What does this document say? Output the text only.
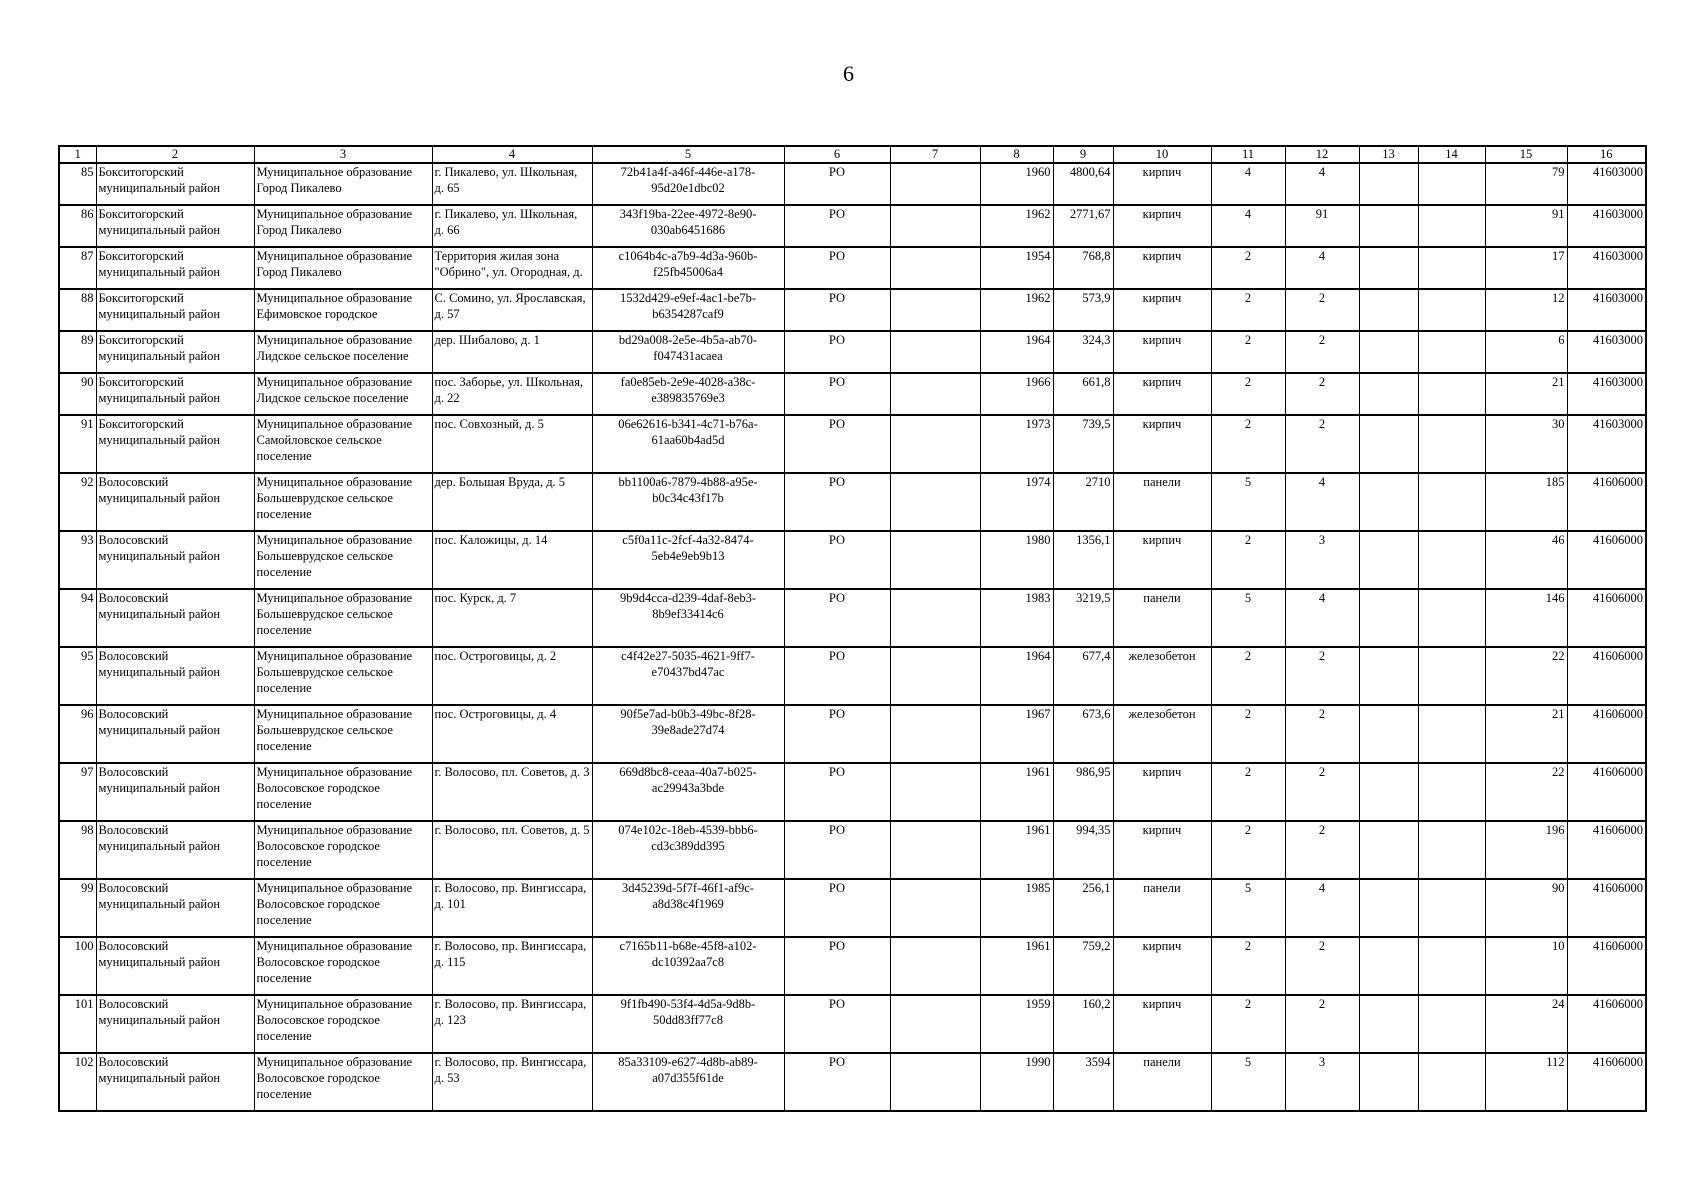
6
1	2	3	4	5	6	7	8	9	10	11	12	13	14	15	16
85	Бокситогорский муниципальный район	Муниципальное образование Город Пикалево	г. Пикалево, ул. Школьная, д. 65	72b41a4f-a46f-446e-a178-95d20e1dbc02	РО		1960	4800,64	кирпич	4	4			79	41603000
86	Бокситогорский муниципальный район	Муниципальное образование Город Пикалево	г. Пикалево, ул. Школьная, д. 66	343f19ba-22ee-4972-8e90-030ab6451686	РО		1962	2771,67	кирпич	4	91			91	41603000
87	Бокситогорский муниципальный район	Муниципальное образование Город Пикалево	Территория жилая зона "Обрино", ул. Огородная, д.	c1064b4c-a7b9-4d3a-960b-f25fb45006a4	РО		1954	768,8	кирпич	2	4			17	41603000
88	Бокситогорский муниципальный район	Муниципальное образование Ефимовское городское	С. Сомино, ул. Ярославская, д. 57	1532d429-e9ef-4ac1-be7b-b6354287caf9	РО		1962	573,9	кирпич	2	2			12	41603000
89	Бокситогорский муниципальный район	Муниципальное образование Лидское сельское поселение	дер. Шибалово, д. 1	bd29a008-2e5e-4b5a-ab70-f047431acaea	РО		1964	324,3	кирпич	2	2			6	41603000
90	Бокситогорский муниципальный район	Муниципальное образование Лидское сельское поселение	пос. Заборье, ул. Школьная, д. 22	fa0e85eb-2e9e-4028-a38c-e389835769e3	РО		1966	661,8	кирпич	2	2			21	41603000
91	Бокситогорский муниципальный район	Муниципальное образование Самойловское сельское поселение	пос. Совхозный, д. 5	06e62616-b341-4c71-b76a-61aa60b4ad5d	РО		1973	739,5	кирпич	2	2			30	41603000
92	Волосовский муниципальный район	Муниципальное образование Большеврудское сельское поселение	дер. Большая Вруда, д. 5	bb1100a6-7879-4b88-a95e-b0c34c43f17b	РО		1974	2710	панели	5	4			185	41606000
93	Волосовский муниципальный район	Муниципальное образование Большеврудское сельское поселение	пос. Каложицы, д. 14	c5f0a11c-2fcf-4a32-8474-5eb4e9eb9b13	РО		1980	1356,1	кирпич	2	3			46	41606000
94	Волосовский муниципальный район	Муниципальное образование Большеврудское сельское поселение	пос. Курск, д. 7	9b9d4cca-d239-4daf-8eb3-8b9ef33414c6	РО		1983	3219,5	панели	5	4			146	41606000
95	Волосовский муниципальный район	Муниципальное образование Большеврудское сельское поселение	пос. Остроговицы, д. 2	c4f42e27-5035-4621-9ff7-e70437bd47ac	РО		1964	677,4	железобетон	2	2			22	41606000
96	Волосовский муниципальный район	Муниципальное образование Большеврудское сельское поселение	пос. Остроговицы, д. 4	90f5e7ad-b0b3-49bc-8f28-39e8ade27d74	РО		1967	673,6	железобетон	2	2			21	41606000
97	Волосовский муниципальный район	Муниципальное образование Волосовское городское поселение	г. Волосово, пл. Советов, д. 3	669d8bc8-ceaa-40a7-b025-ac29943a3bde	РО		1961	986,95	кирпич	2	2			22	41606000
98	Волосовский муниципальный район	Муниципальное образование Волосовское городское поселение	г. Волосово, пл. Советов, д. 5	074e102c-18eb-4539-bbb6-cd3c389dd395	РО		1961	994,35	кирпич	2	2			196	41606000
99	Волосовский муниципальный район	Муниципальное образование Волосовское городское поселение	г. Волосово, пр. Вингиссара, д. 101	3d45239d-5f7f-46f1-af9c-a8d38c4f1969	РО		1985	256,1	панели	5	4			90	41606000
100	Волосовский муниципальный район	Муниципальное образование Волосовское городское поселение	г. Волосово, пр. Вингиссара, д. 115	c7165b11-b68e-45f8-a102-dc10392aa7c8	РО		1961	759,2	кирпич	2	2			10	41606000
101	Волосовский муниципальный район	Муниципальное образование Волосовское городское поселение	г. Волосово, пр. Вингиссара, д. 123	9f1fb490-53f4-4d5a-9d8b-50dd83ff77c8	РО		1959	160,2	кирпич	2	2			24	41606000
102	Волосовский муниципальный район	Муниципальное образование Волосовское городское поселение	г. Волосово, пр. Вингиссара, д. 53	85a33109-e627-4d8b-ab89-a07d355f61de	РО		1990	3594	панели	5	3			112	41606000
